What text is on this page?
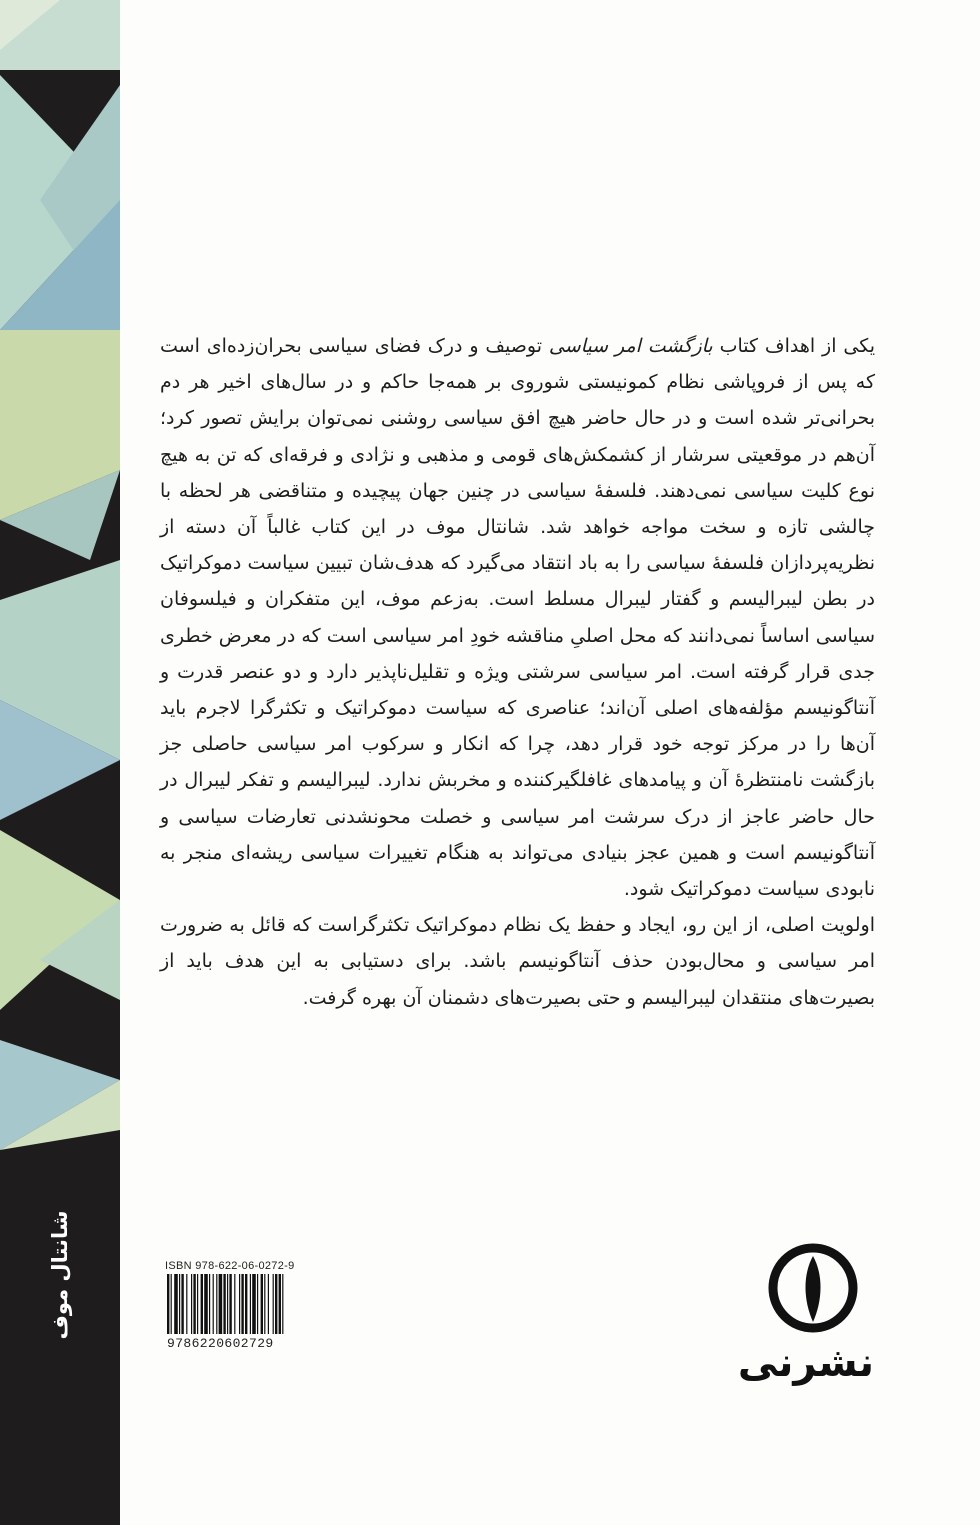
شانتال موف

یکی از اهداف کتاب بازگشت امر سیاسی توصیف و درک فضای سیاسی بحران‌زده‌ای است که پس از فروپاشی نظام کمونیستی شوروی بر همه‌جا حاکم و در سال‌های اخیر هر دم بحرانی‌تر شده است و در حال حاضر هیچ افق سیاسی روشنی نمی‌توان برایش تصور کرد؛ آن‌هم در موقعیتی سرشار از کشمکش‌های قومی و مذهبی و نژادی و فرقه‌ای که تن به هیچ نوع کلیت سیاسی نمی‌دهند. فلسفهٔ سیاسی در چنین جهان پیچیده و متناقضی هر لحظه با چالشی تازه و سخت مواجه خواهد شد. شانتال موف در این کتاب غالباً آن دسته از نظریه‌پردازان فلسفهٔ سیاسی را به باد انتقاد می‌گیرد که هدف‌شان تبیین سیاست دموکراتیک در بطن لیبرالیسم و گفتار لیبرال مسلط است. به‌زعم موف، این متفکران و فیلسوفان سیاسی اساساً نمی‌دانند که محل اصلیِ مناقشه خودِ امر سیاسی است که در معرض خطری جدی قرار گرفته است. امر سیاسی سرشتی ویژه و تقلیل‌ناپذیر دارد و دو عنصر قدرت و آنتاگونیسم مؤلفه‌های اصلی آن‌اند؛ عناصری که سیاست دموکراتیک و تکثرگرا لاجرم باید آن‌ها را در مرکز توجه خود قرار دهد، چرا که انکار و سرکوب امر سیاسی حاصلی جز بازگشت نامنتظرهٔ آن و پیامدهای غافلگیرکننده و مخربش ندارد. لیبرالیسم و تفکر لیبرال در حال حاضر عاجز از درک سرشت امر سیاسی و خصلت محونشدنی تعارضات سیاسی و آنتاگونیسم است و همین عجز بنیادی می‌تواند به هنگام تغییرات سیاسی ریشه‌ای منجر به نابودی سیاست دموکراتیک شود.

اولویت اصلی، از این رو، ایجاد و حفظ یک نظام دموکراتیک تکثرگراست که قائل به ضرورت امر سیاسی و محال‌بودن حذف آنتاگونیسم باشد. برای دستیابی به این هدف باید از بصیرت‌های منتقدان لیبرالیسم و حتی بصیرت‌های دشمنان آن بهره گرفت.

ISBN 978-622-06-0272-9
9786220602729	نشرنی
